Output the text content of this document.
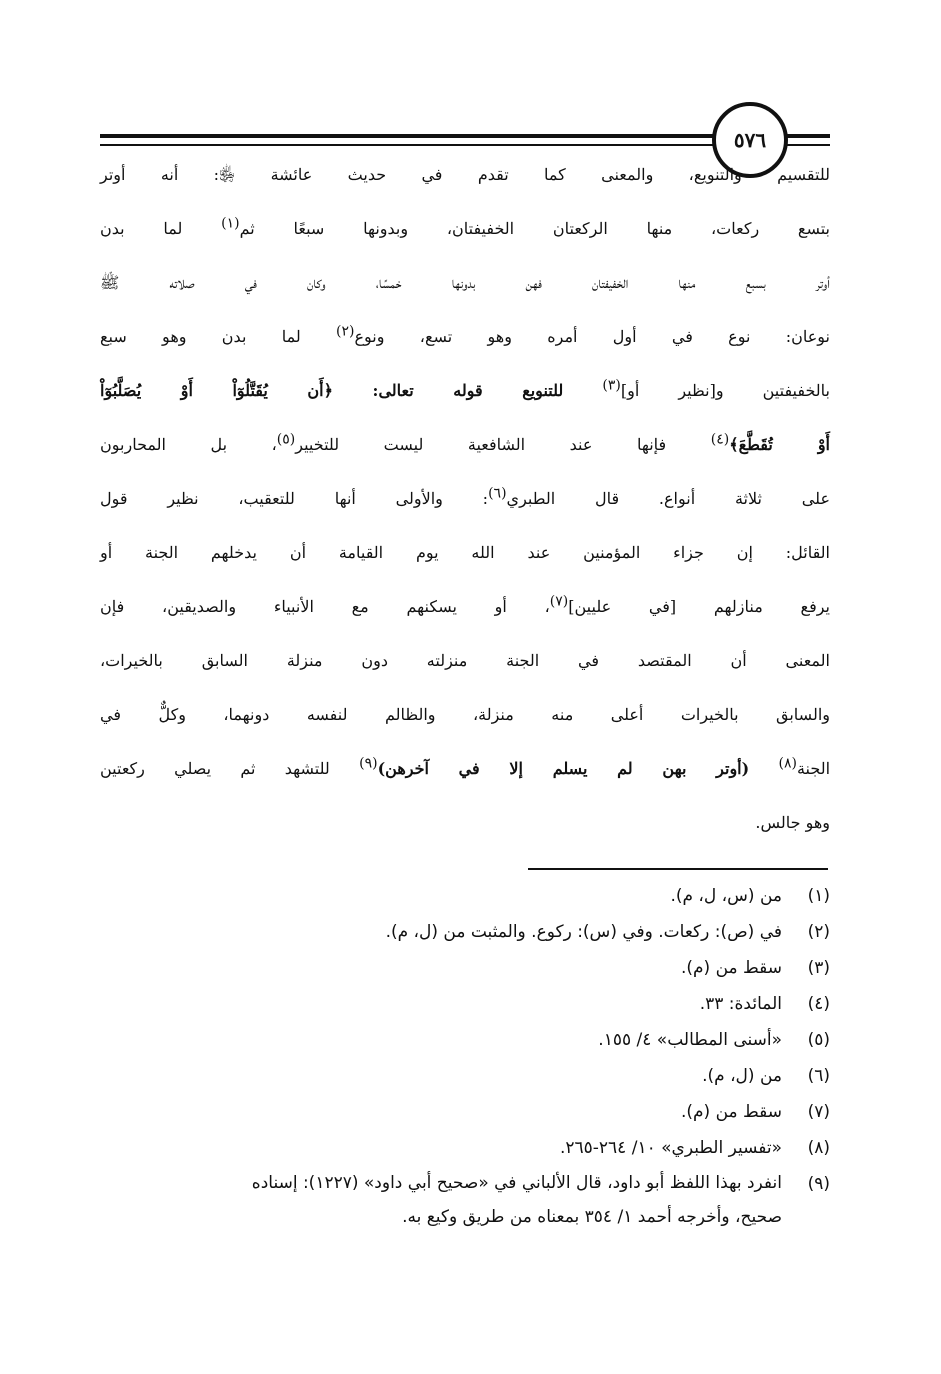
٥٧٦
للتقسيم والتنويع، والمعنى كما تقدم في حديث عائشة ﵂: أنه أوتر
بتسع ركعات، منها الركعتان الخفيفتان، وبدونها سبعًا ثم(١) لما بدن
أوتر بسبع منها الخفيفتان فهن بدونها خمسًا، وكان في صلاته ﷺ
نوعان: نوع في أول أمره وهو تسع، ونوع(٢) لما بدن وهو سبع
بالخفيفتين و[نظير أو](٣) للتنويع قوله تعالى: ﴿أَن يُقَتَّلُوٓاْ أَوْ يُصَلَّبُوٓاْ
أَوْ تُقَطَّعَ﴾(٤) فإنها عند الشافعية ليست للتخيير(٥)، بل المحاربون
على ثلاثة أنواع. قال الطبري(٦): والأولى أنها للتعقيب، نظير قول
القائل: إن جزاء المؤمنين عند الله يوم القيامة أن يدخلهم الجنة أو
يرفع منازلهم [في عليين](٧)، أو يسكنهم مع الأنبياء والصديقين، فإن
المعنى أن المقتصد في الجنة منزلته دون منزلة السابق بالخيرات،
والسابق بالخيرات أعلى منه منزلة، والظالم لنفسه دونهما، وكلٌّ في
الجنة(٨) (أوتر بهن لم يسلم إلا في آخرهن)(٩) للتشهد ثم يصلي ركعتين
وهو جالس.
(١)
من (س، ل، م).
(٢)
في (ص): ركعات. وفي (س): ركوع. والمثبت من (ل، م).
(٣)
سقط من (م).
(٤)
المائدة: ٣٣.
(٥)
«أسنى المطالب» ٤/ ١٥٥.
(٦)
من (ل، م).
(٧)
سقط من (م).
(٨)
«تفسير الطبري» ١٠/ ٢٦٤-٢٦٥.
(٩)
انفرد بهذا اللفظ أبو داود، قال الألباني في «صحيح أبي داود» (١٢٢٧): إسناده
صحيح، وأخرجه أحمد ١/ ٣٥٤ بمعناه من طريق وكيع به.
